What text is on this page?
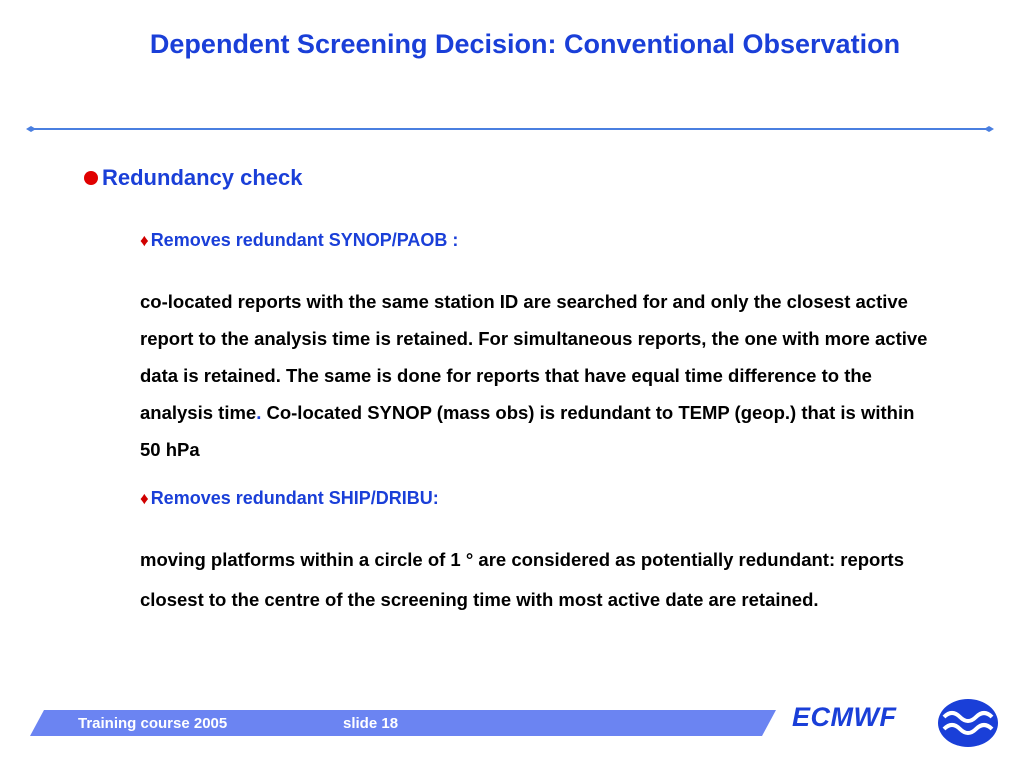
Dependent Screening Decision: Conventional Observation
Redundancy check
♦ Removes redundant SYNOP/PAOB :

co-located reports with the same station ID are searched for and only the closest active report to the analysis time is retained. For simultaneous reports, the one with more active data is retained. The same is done for reports that have equal time difference to the analysis time. Co-located SYNOP (mass obs) is redundant to TEMP (geop.) that is within 50 hPa

♦ Removes redundant SHIP/DRIBU:

moving platforms within a circle of 1 ° are considered as potentially redundant: reports closest to the centre of the screening time with most active date are retained.

Training course 2005	slide 18	ECMWF
